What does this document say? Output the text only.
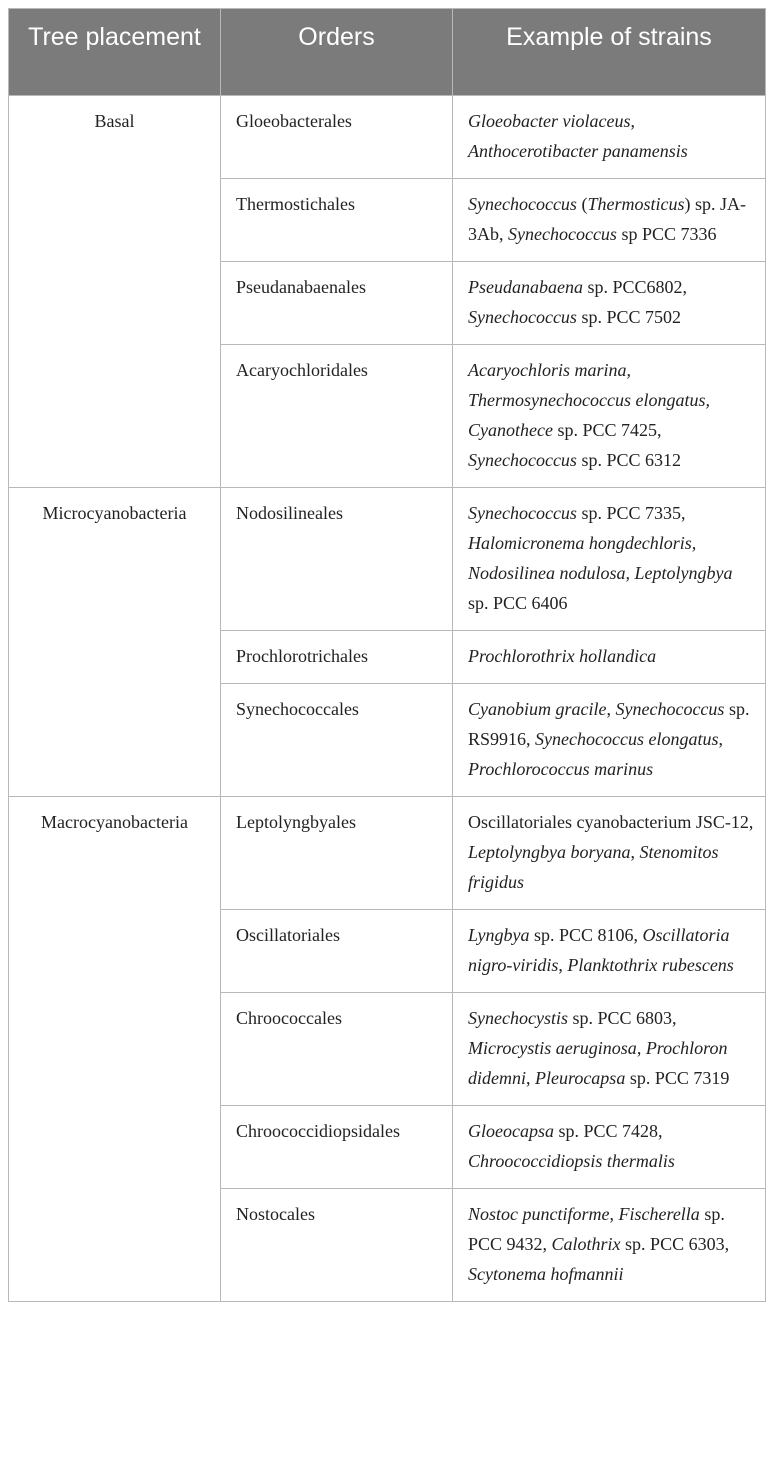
Tree placement	Orders	Example of strains

Basal	Gloeobacterales	Gloeobacter violaceus, Anthocerotibacter panamensis
	Thermostichales	Synechococcus (Thermosticus) sp. JA-3Ab, Synechococcus sp PCC 7336
	Pseudanabaenales	Pseudanabaena sp. PCC6802, Synechococcus sp. PCC 7502
	Acaryochloridales	Acaryochloris marina, Thermosynechococcus elongatus, Cyanothece sp. PCC 7425, Synechococcus sp. PCC 6312
Microcyanobacteria	Nodosilineales	Synechococcus sp. PCC 7335, Halomicronema hongdechloris, Nodosilinea nodulosa, Leptolyngbya sp. PCC 6406
	Prochlorotrichales	Prochlorothrix hollandica
	Synechococcales	Cyanobium gracile, Synechococcus sp. RS9916, Synechococcus elongatus, Prochlorococcus marinus
Macrocyanobacteria	Leptolyngbyales	Oscillatoriales cyanobacterium JSC-12, Leptolyngbya boryana, Stenomitos frigidus
	Oscillatoriales	Lyngbya sp. PCC 8106, Oscillatoria nigro-viridis, Planktothrix rubescens
	Chroococcales	Synechocystis sp. PCC 6803, Microcystis aeruginosa, Prochloron didemni, Pleurocapsa sp. PCC 7319
	Chroococcidiopsidales	Gloeocapsa sp. PCC 7428, Chroococcidiopsis thermalis
	Nostocales	Nostoc punctiforme, Fischerella sp. PCC 9432, Calothrix sp. PCC 6303, Scytonema hofmannii
